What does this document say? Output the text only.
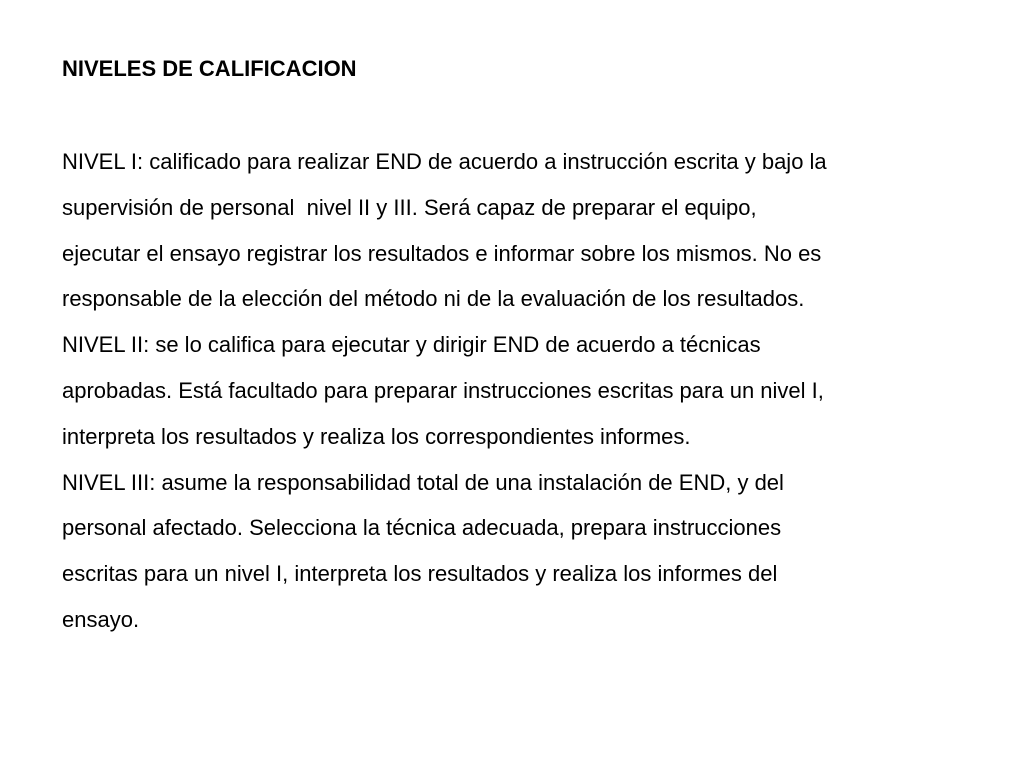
NIVELES DE CALIFICACION
NIVEL I: calificado para realizar END de acuerdo a instrucción escrita y bajo la
supervisión de personal  nivel II y III. Será capaz de preparar el equipo,
ejecutar el ensayo registrar los resultados e informar sobre los mismos. No es
responsable de la elección del método ni de la evaluación de los resultados.
NIVEL II: se lo califica para ejecutar y dirigir END de acuerdo a técnicas
aprobadas. Está facultado para preparar instrucciones escritas para un nivel I,
interpreta los resultados y realiza los correspondientes informes.
NIVEL III: asume la responsabilidad total de una instalación de END, y del
personal afectado. Selecciona la técnica adecuada, prepara instrucciones
escritas para un nivel I, interpreta los resultados y realiza los informes del
ensayo.
